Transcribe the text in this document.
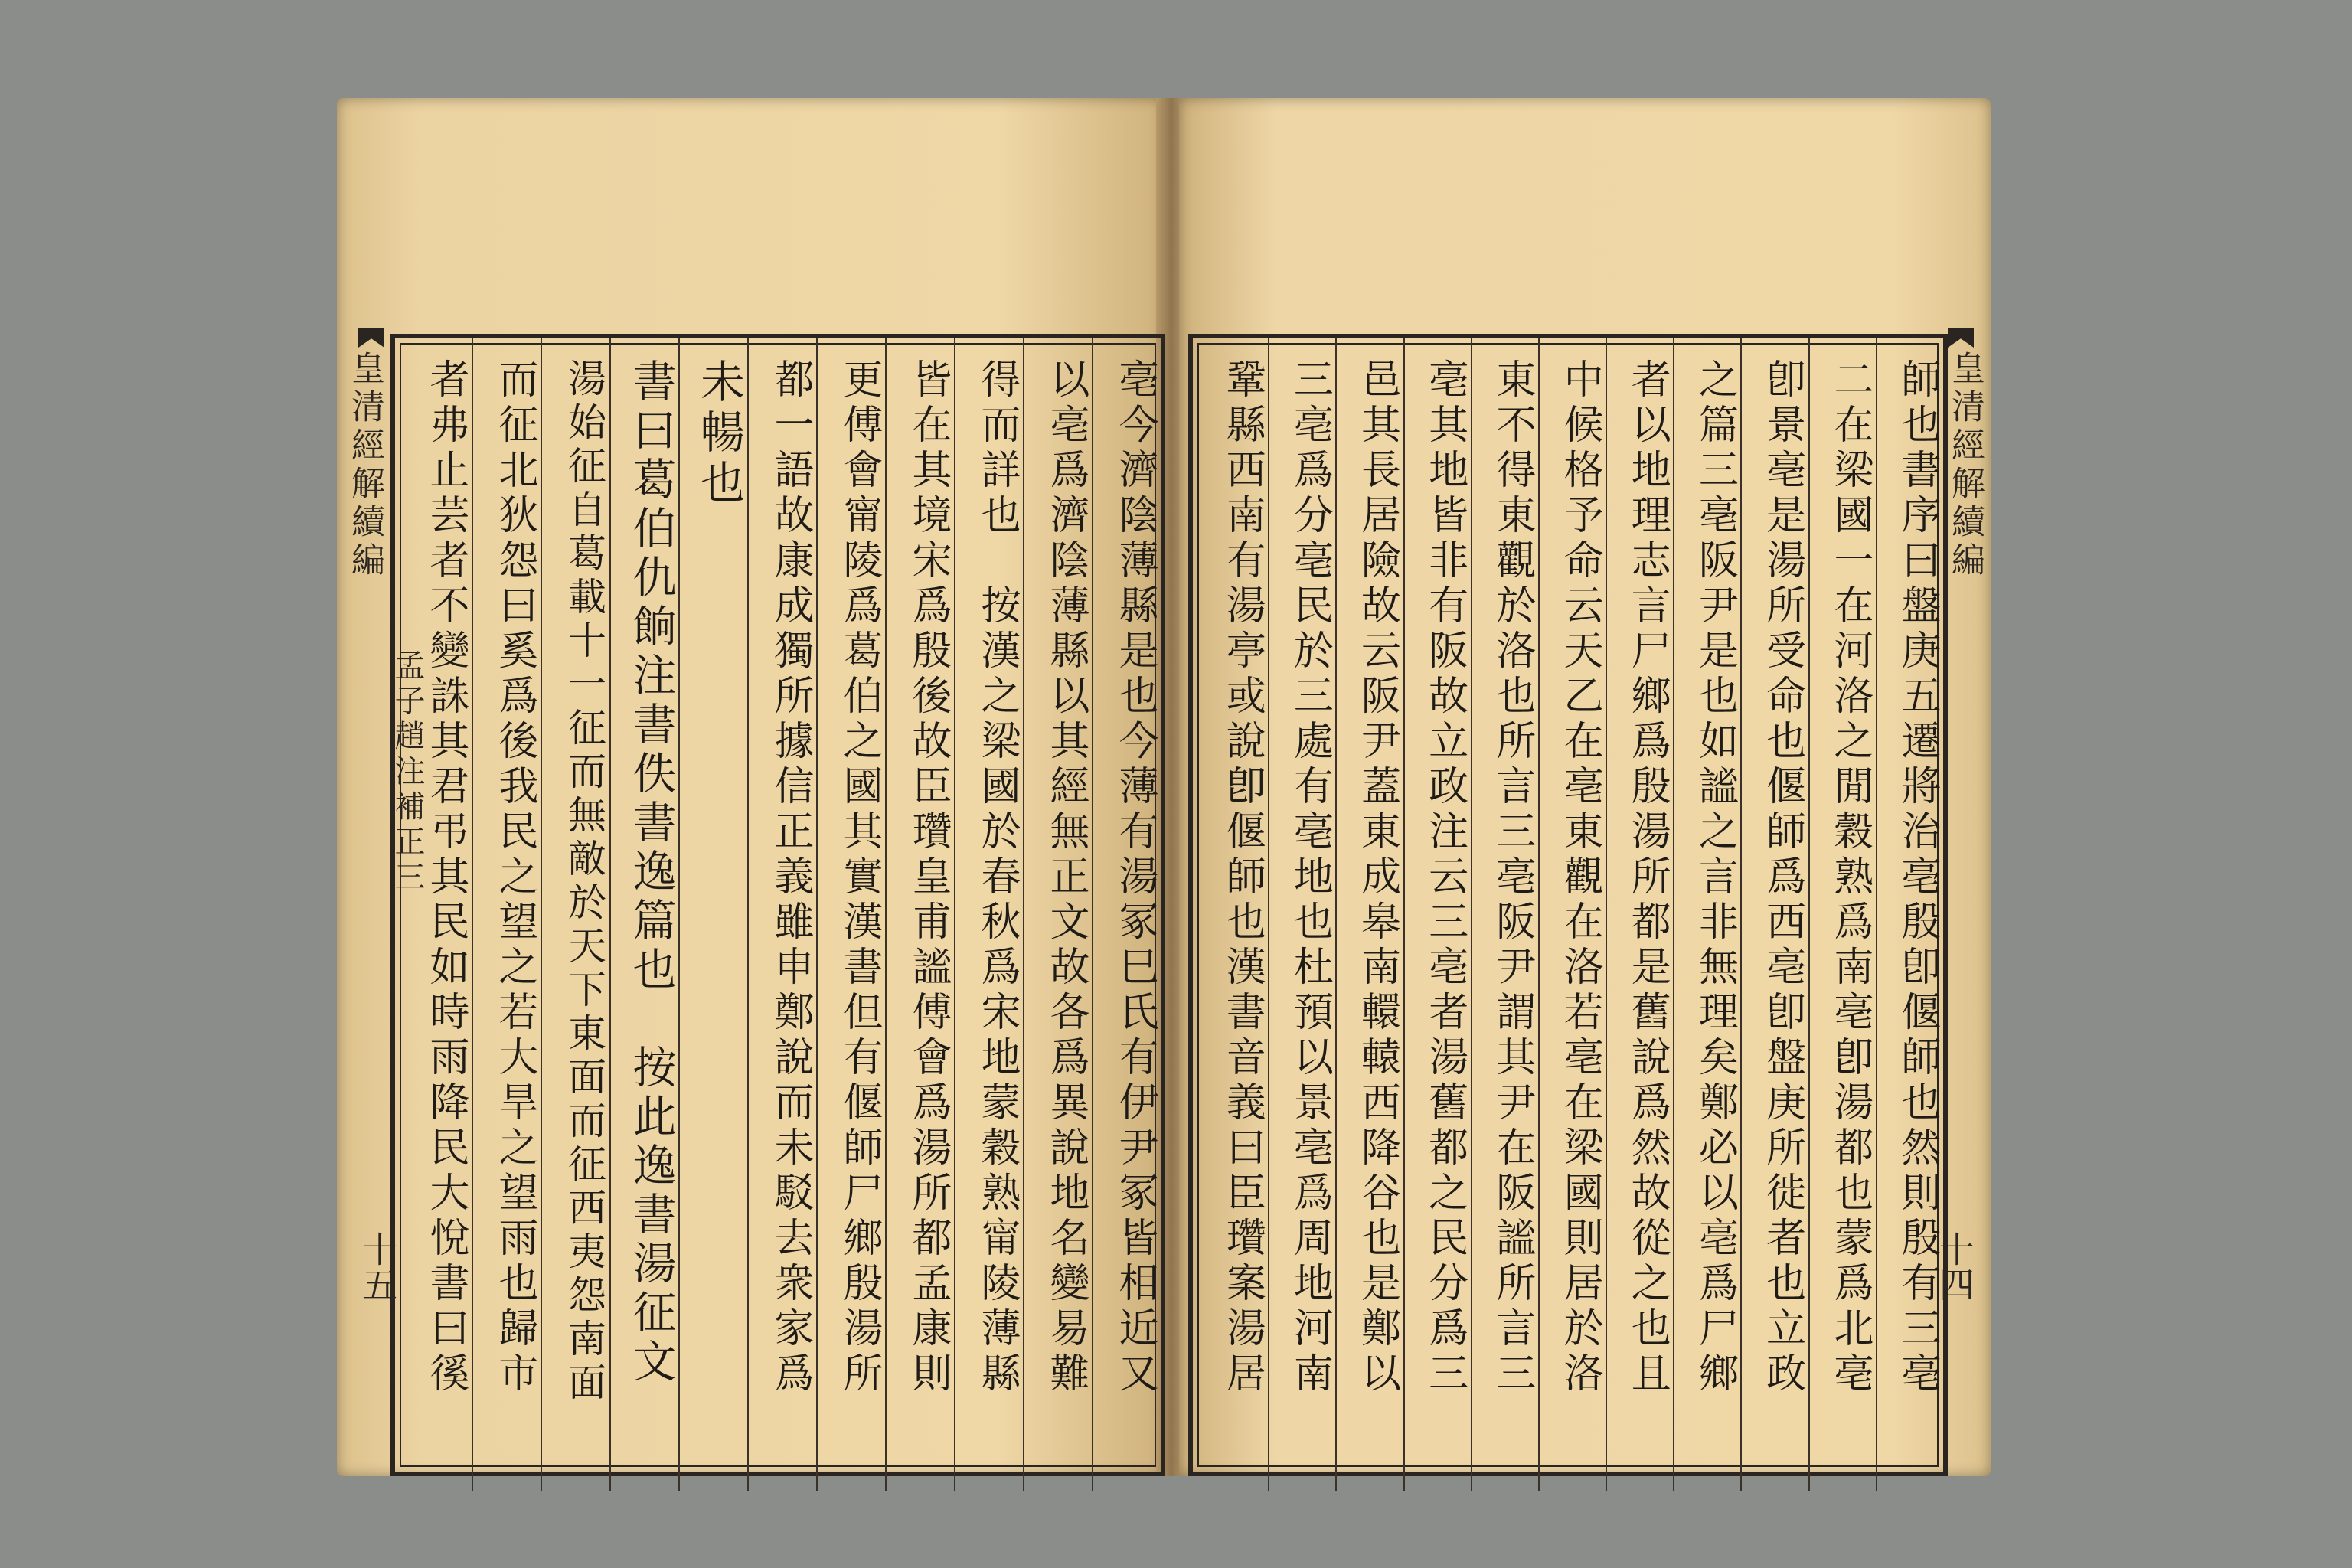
皇清經解續編
孟子趙注補正三
十五
皇清經解續編
十四
亳今濟陰薄縣是也今薄有湯冢巳氏有伊尹冢皆相近又
以亳爲濟陰薄縣以其經無正文故各爲異說地名變易難
得而詳也　按漢之梁國於春秋爲宋地蒙穀熟甯陵薄縣
皆在其境宋爲殷後故臣瓚皇甫謐傅會爲湯所都孟康則
更傅會甯陵爲葛伯之國其實漢書但有偃師尸鄉殷湯所
都一語故康成獨所據信正義雖申鄭說而未駁去衆家爲
未暢也
書曰葛伯仇餉注書佚書逸篇也　按此逸書湯征文
湯始征自葛載十一征而無敵於天下東面而征西夷怨南面
而征北狄怨曰奚爲後我民之望之若大旱之望雨也歸市
者弗止芸者不變誅其君弔其民如時雨降民大悅書曰徯	師也書序曰盤庚五遷將治亳殷卽偃師也然則殷有三亳
二在梁國一在河洛之閒穀熟爲南亳卽湯都也蒙爲北亳
卽景亳是湯所受命也偃師爲西亳卽盤庚所徙者也立政
之篇三亳阪尹是也如謐之言非無理矣鄭必以亳爲尸鄉
者以地理志言尸鄉爲殷湯所都是舊說爲然故從之也且
中候格予命云天乙在亳東觀在洛若亳在梁國則居於洛
東不得東觀於洛也所言三亳阪尹謂其尹在阪謐所言三
亳其地皆非有阪故立政注云三亳者湯舊都之民分爲三
邑其長居險故云阪尹蓋東成皋南轘轅西降谷也是鄭以
三亳爲分亳民於三處有亳地也杜預以景亳爲周地河南
鞏縣西南有湯亭或說卽偃師也漢書音義曰臣瓚案湯居
